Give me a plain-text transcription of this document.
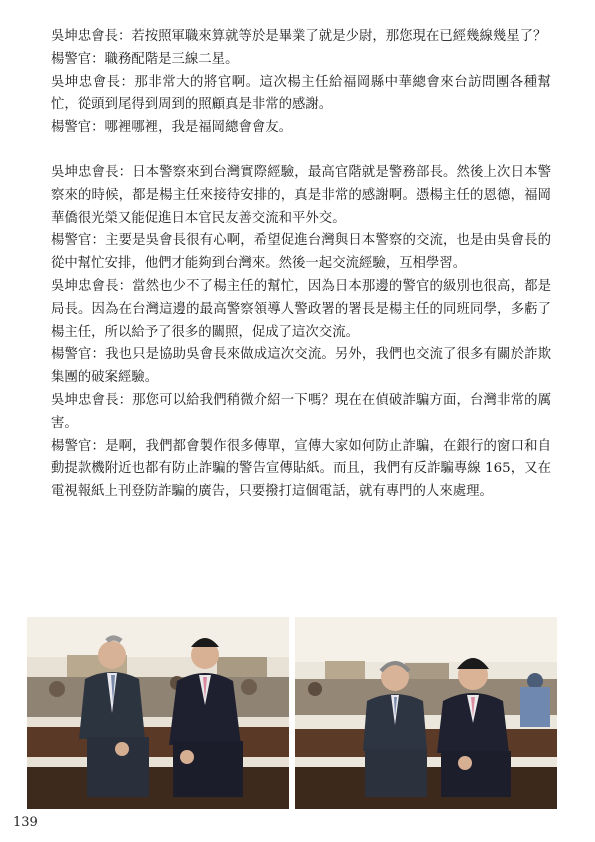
吳坤忠會長：若按照軍職來算就等於是畢業了就是少尉，那您現在已經幾線幾星了？

楊警官：職務配階是三線二星。

吳坤忠會長：那非常大的將官啊。這次楊主任給福岡縣中華總會來台訪問團各種幫忙，從頭到尾得到周到的照顧真是非常的感謝。

楊警官：哪裡哪裡，我是福岡總會會友。

吳坤忠會長：日本警察來到台灣實際經驗，最高官階就是警務部長。然後上次日本警察來的時候，都是楊主任來接待安排的，真是非常的感謝啊。憑楊主任的恩德，福岡華僑很光榮又能促進日本官民友善交流和平外交。

楊警官：主要是吳會長很有心啊，希望促進台灣與日本警察的交流，也是由吳會長的從中幫忙安排，他們才能夠到台灣來。然後一起交流經驗，互相學習。

吳坤忠會長：當然也少不了楊主任的幫忙，因為日本那邊的警官的級別也很高，都是局長。因為在台灣這邊的最高警察領導人警政署的署長是楊主任的同班同學，多虧了楊主任，所以給予了很多的關照，促成了這次交流。

楊警官：我也只是協助吳會長來做成這次交流。另外，我們也交流了很多有關於詐欺集團的破案經驗。

吳坤忠會長：那您可以給我們稍微介紹一下嗎？現在在偵破詐騙方面，台灣非常的厲害。

楊警官：是啊，我們都會製作很多傳單，宣傳大家如何防止詐騙，在銀行的窗口和自動提款機附近也都有防止詐騙的警告宣傳貼紙。而且，我們有反詐騙專線 165，又在電視報紙上刊登防詐騙的廣告，只要撥打這個電話，就有專門的人來處理。

139
